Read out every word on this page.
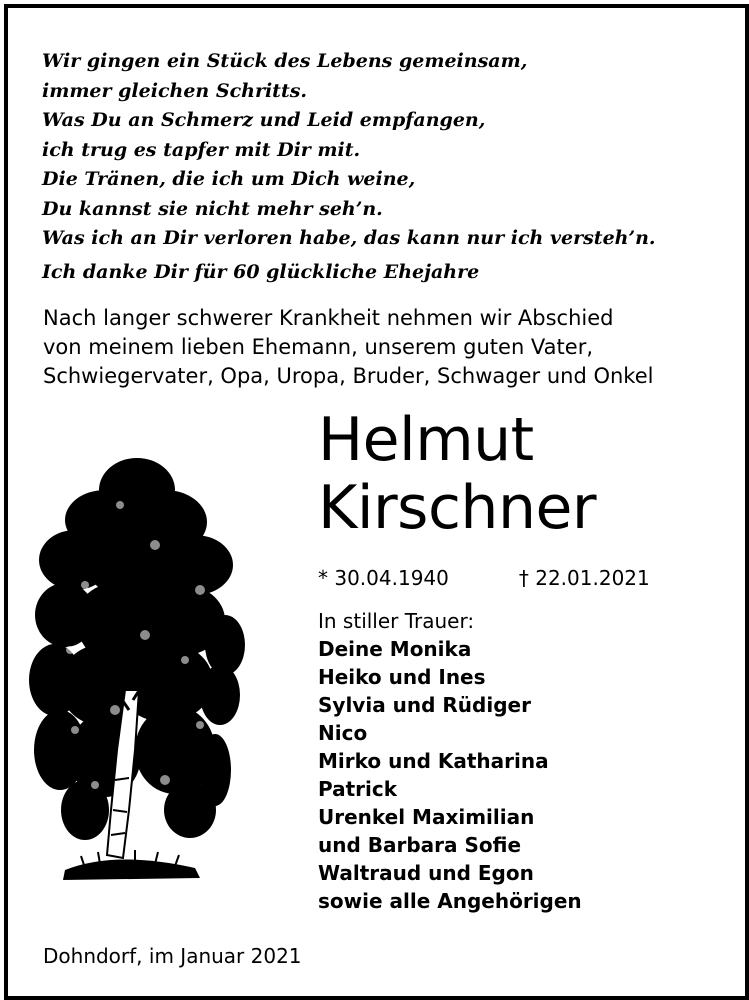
Wir gingen ein Stück des Lebens gemeinsam,
immer gleichen Schritts.
Was Du an Schmerz und Leid empfangen,
ich trug es tapfer mit Dir mit.
Die Tränen, die ich um Dich weine,
Du kannst sie nicht mehr seh’n.
Was ich an Dir verloren habe, das kann nur ich versteh’n.
Ich danke Dir für 60 glückliche Ehejahre
Nach langer schwerer Krankheit nehmen wir Abschied
von meinem lieben Ehemann, unserem guten Vater,
Schwiegervater, Opa, Uropa, Bruder, Schwager und Onkel
Helmut
Kirschner
* 30.04.1940	† 22.01.2021
In stiller Trauer:
Deine Monika
Heiko und Ines
Sylvia und Rüdiger
Nico
Mirko und Katharina
Patrick
Urenkel Maximilian
und Barbara Sofie
Waltraud und Egon
sowie alle Angehörigen
Dohndorf, im Januar 2021
